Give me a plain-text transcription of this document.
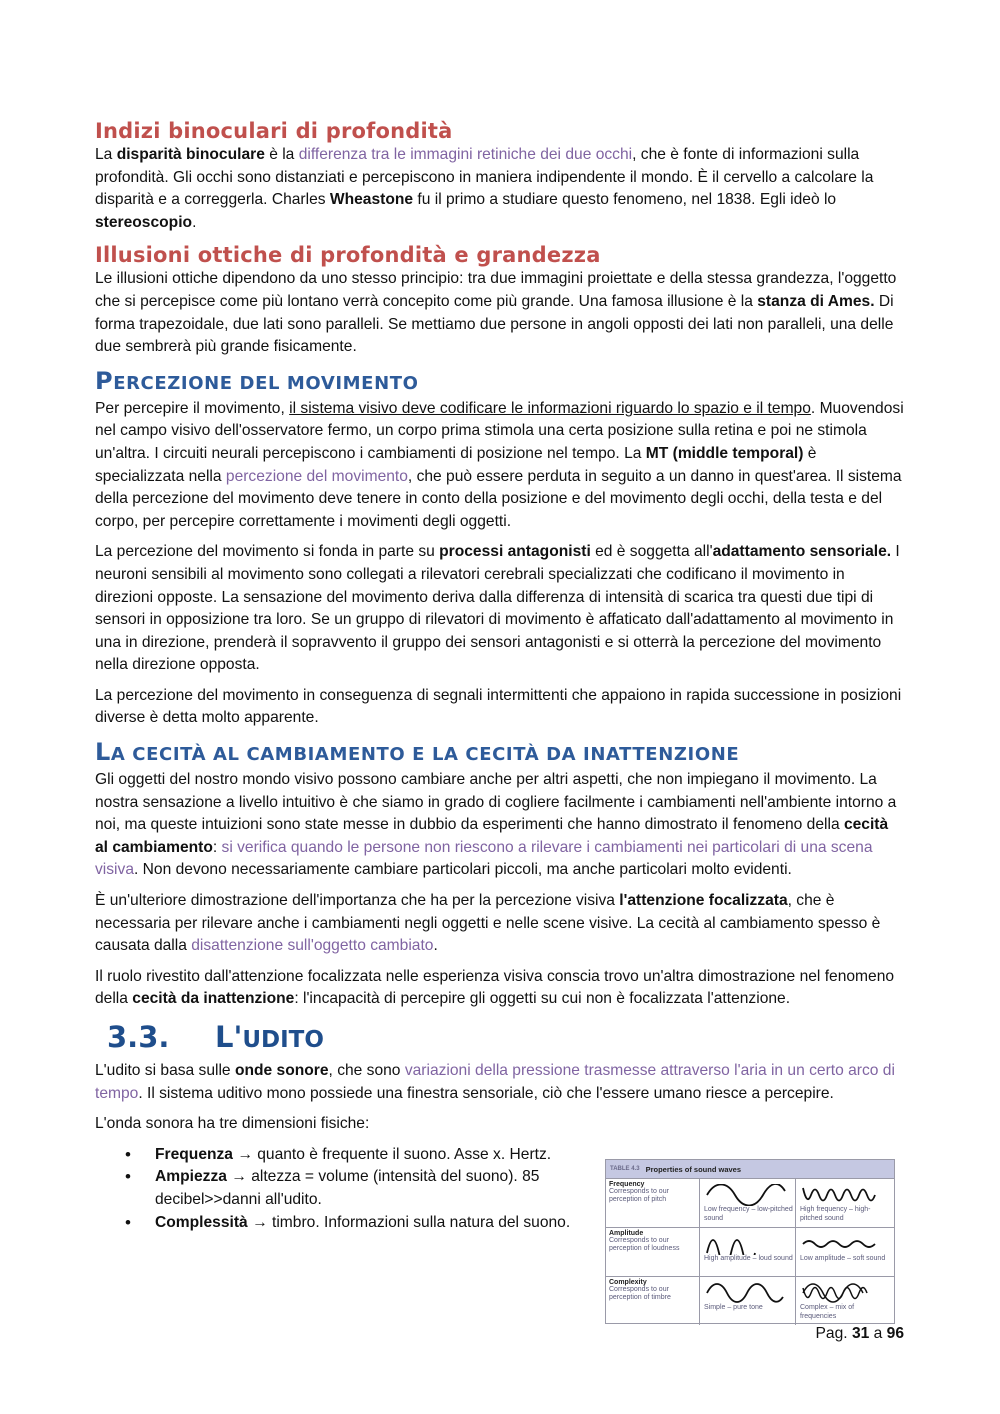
Indizi binoculari di profondità

La disparità binoculare è la differenza tra le immagini retiniche dei due occhi, che è fonte di informazioni sulla profondità. Gli occhi sono distanziati e percepiscono in maniera indipendente il mondo. È il cervello a calcolare la disparità e a correggerla. Charles Wheastone fu il primo a studiare questo fenomeno, nel 1838. Egli ideò lo stereoscopio.

Illusioni ottiche di profondità e grandezza

Le illusioni ottiche dipendono da uno stesso principio: tra due immagini proiettate e della stessa grandezza, l'oggetto che si percepisce come più lontano verrà concepito come più grande. Una famosa illusione è la stanza di Ames. Di forma trapezoidale, due lati sono paralleli. Se mettiamo due persone in angoli opposti dei lati non paralleli, una delle due sembrerà più grande fisicamente.

PERCEZIONE DEL MOVIMENTO

Per percepire il movimento, il sistema visivo deve codificare le informazioni riguardo lo spazio e il tempo. Muovendosi nel campo visivo dell'osservatore fermo, un corpo prima stimola una certa posizione sulla retina e poi ne stimola un'altra. I circuiti neurali percepiscono i cambiamenti di posizione nel tempo. La MT (middle temporal) è specializzata nella percezione del movimento, che può essere perduta in seguito a un danno in quest'area. Il sistema della percezione del movimento deve tenere in conto della posizione e del movimento degli occhi, della testa e del corpo, per percepire correttamente i movimenti degli oggetti.

La percezione del movimento si fonda in parte su processi antagonisti ed è soggetta all'adattamento sensoriale. I neuroni sensibili al movimento sono collegati a rilevatori cerebrali specializzati che codificano il movimento in direzioni opposte. La sensazione del movimento deriva dalla differenza di intensità di scarica tra questi due tipi di sensori in opposizione tra loro. Se un gruppo di rilevatori di movimento è affaticato dall'adattamento al movimento in una in direzione, prenderà il sopravvento il gruppo dei sensori antagonisti e si otterrà la percezione del movimento nella direzione opposta.

La percezione del movimento in conseguenza di segnali intermittenti che appaiono in rapida successione in posizioni diverse è detta molto apparente.

LA CECITÀ AL CAMBIAMENTO E LA CECITÀ DA INATTENZIONE

Gli oggetti del nostro mondo visivo possono cambiare anche per altri aspetti, che non impiegano il movimento. La nostra sensazione a livello intuitivo è che siamo in grado di cogliere facilmente i cambiamenti nell'ambiente intorno a noi, ma queste intuizioni sono state messe in dubbio da esperimenti che hanno dimostrato il fenomeno della cecità al cambiamento: si verifica quando le persone non riescono a rilevare i cambiamenti nei particolari di una scena visiva. Non devono necessariamente cambiare particolari piccoli, ma anche particolari molto evidenti.

È un'ulteriore dimostrazione dell'importanza che ha per la percezione visiva l'attenzione focalizzata, che è necessaria per rilevare anche i cambiamenti negli oggetti e nelle scene visive. La cecità al cambiamento spesso è causata dalla disattenzione sull'oggetto cambiato.

Il ruolo rivestito dall'attenzione focalizzata nelle esperienza visiva conscia trovo un'altra dimostrazione nel fenomeno della cecità da inattenzione: l'incapacità di percepire gli oggetti su cui non è focalizzata l'attenzione.

3.3. L'UDITO

L'udito si basa sulle onde sonore, che sono variazioni della pressione trasmesse attraverso l'aria in un certo arco di tempo. Il sistema uditivo mono possiede una finestra sensoriale, ciò che l'essere umano riesce a percepire.

L'onda sonora ha tre dimensioni fisiche:

• Frequenza → quanto è frequente il suono. Asse x. Hertz.
• Ampiezza → altezza = volume (intensità del suono). 85 decibel>>danni all'udito.
• Complessità → timbro. Informazioni sulla natura del suono.
TABLE 4.3 Properties of sound waves
Frequency
Corresponds to our perception of pitch
Low frequency – low-pitched sound
High frequency – high-pitched sound
Amplitude
Corresponds to our perception of loudness
High amplitude – loud sound Low amplitude – soft sound
Complexity
Corresponds to our perception of timbre
Simple – pure tone	Complex – mix of frequencies
Pag. 31 a 96
